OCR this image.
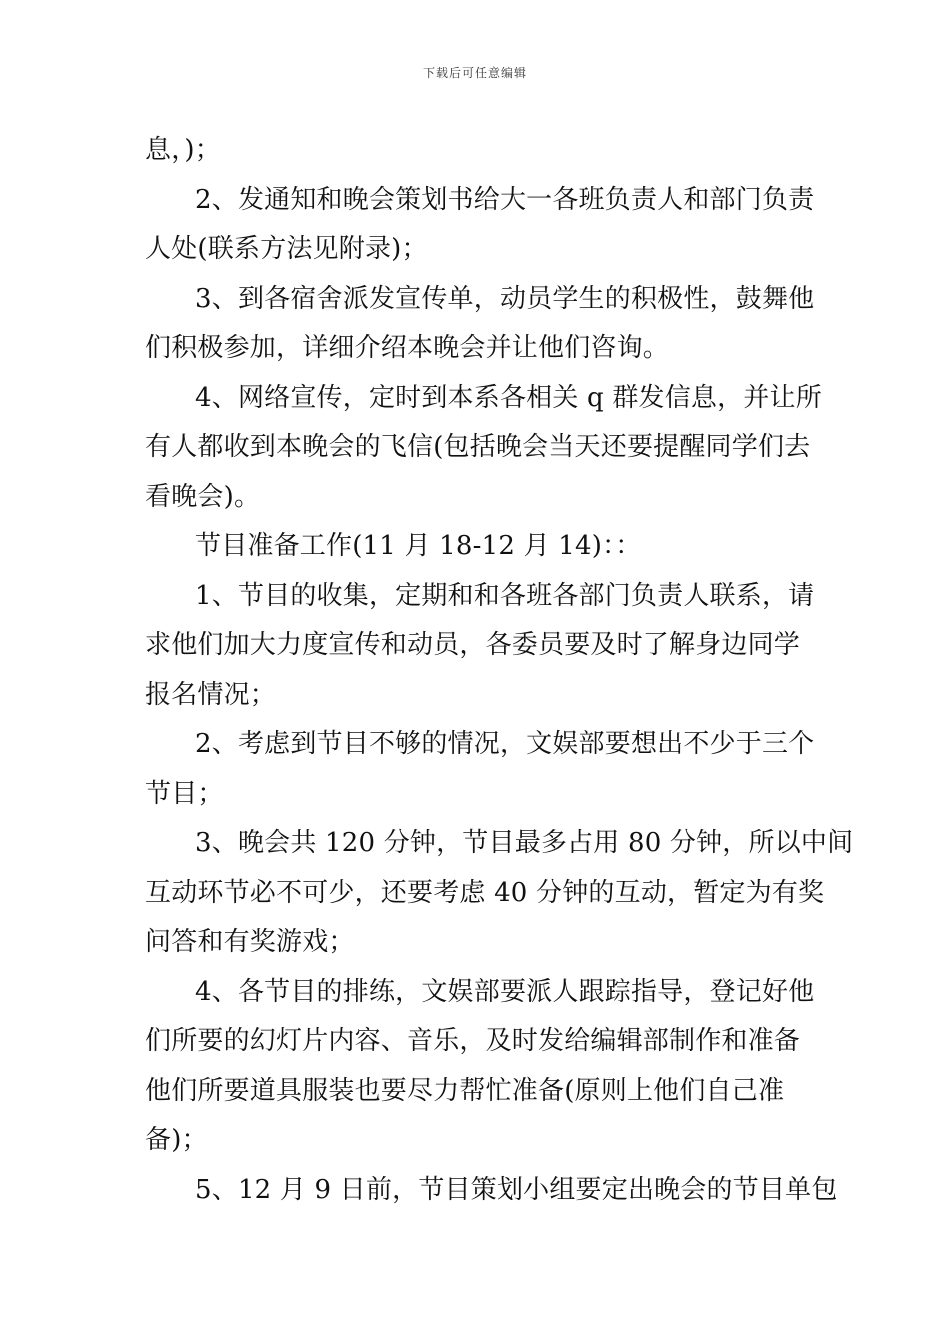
下载后可任意编辑
息，)；
2、发通知和晚会策划书给大一各班负责人和部门负责
人处(联系方法见附录)；
3、到各宿舍派发宣传单，动员学生的积极性，鼓舞他
们积极参加，详细介绍本晚会并让他们咨询。
4、网络宣传，定时到本系各相关 q 群发信息，并让所
有人都收到本晚会的飞信(包括晚会当天还要提醒同学们去
看晚会)。
节目准备工作(11 月 18-12 月 14)：：
1、节目的收集，定期和和各班各部门负责人联系，请
求他们加大力度宣传和动员，各委员要及时了解身边同学
报名情况；
2、考虑到节目不够的情况，文娱部要想出不少于三个
节目；
3、晚会共 120 分钟，节目最多占用 80 分钟，所以中间
互动环节必不可少，还要考虑 40 分钟的互动，暂定为有奖
问答和有奖游戏；
4、各节目的排练，文娱部要派人跟踪指导，登记好他
们所要的幻灯片内容、音乐，及时发给编辑部制作和准备
他们所要道具服装也要尽力帮忙准备(原则上他们自己准
备)；
5、12 月 9 日前，节目策划小组要定出晚会的节目单包
